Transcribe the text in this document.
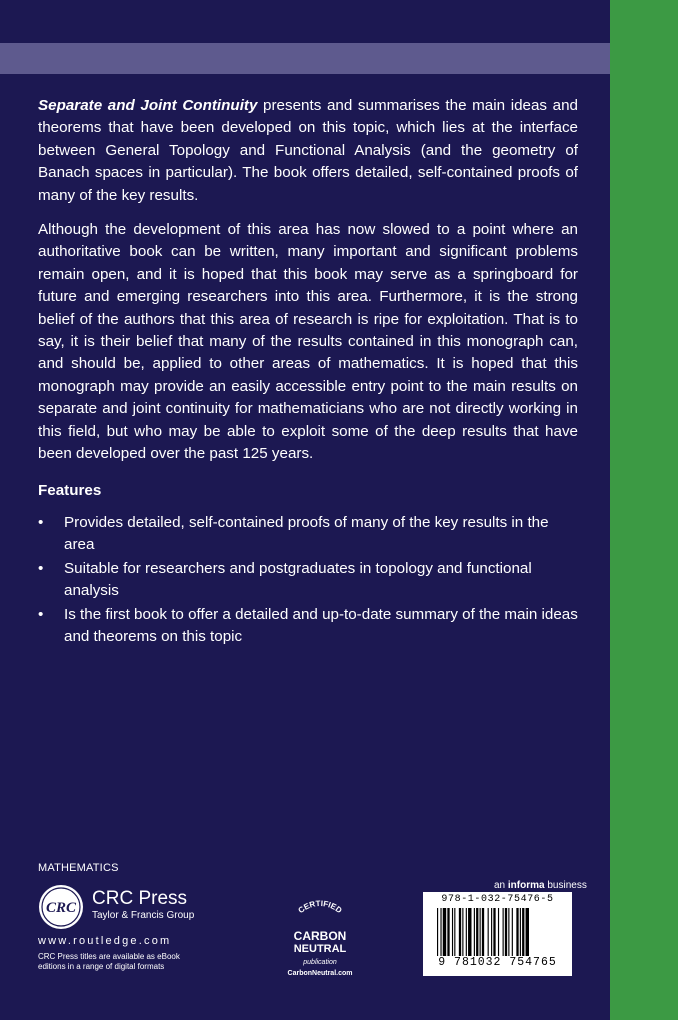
Separate and Joint Continuity presents and summarises the main ideas and theorems that have been developed on this topic, which lies at the interface between General Topology and Functional Analysis (and the geometry of Banach spaces in particular). The book offers detailed, self-contained proofs of many of the key results.

Although the development of this area has now slowed to a point where an authoritative book can be written, many important and significant problems remain open, and it is hoped that this book may serve as a springboard for future and emerging researchers into this area. Furthermore, it is the strong belief of the authors that this area of research is ripe for exploitation. That is to say, it is their belief that many of the results contained in this monograph can, and should be, applied to other areas of mathematics. It is hoped that this monograph may provide an easily accessible entry point to the main results on separate and joint continuity for mathematicians who are not directly working in this field, but who may be able to exploit some of the deep results that have been developed over the past 125 years.

Features
• Provides detailed, self-contained proofs of many of the key results in the area
• Suitable for researchers and postgraduates in topology and functional analysis
• Is the first book to offer a detailed and up-to-date summary of the main ideas and theorems on this topic
MATHEMATICS
CRC CRC Press
Taylor & Francis Group
www.routledge.com
CRC Press titles are available as eBook editions in a range of digital formats
CERTIFIED
CARBON
NEUTRAL
publication
CarbonNeutral.com
an informa business
978-1-032-75476-5
9 781032 754765
